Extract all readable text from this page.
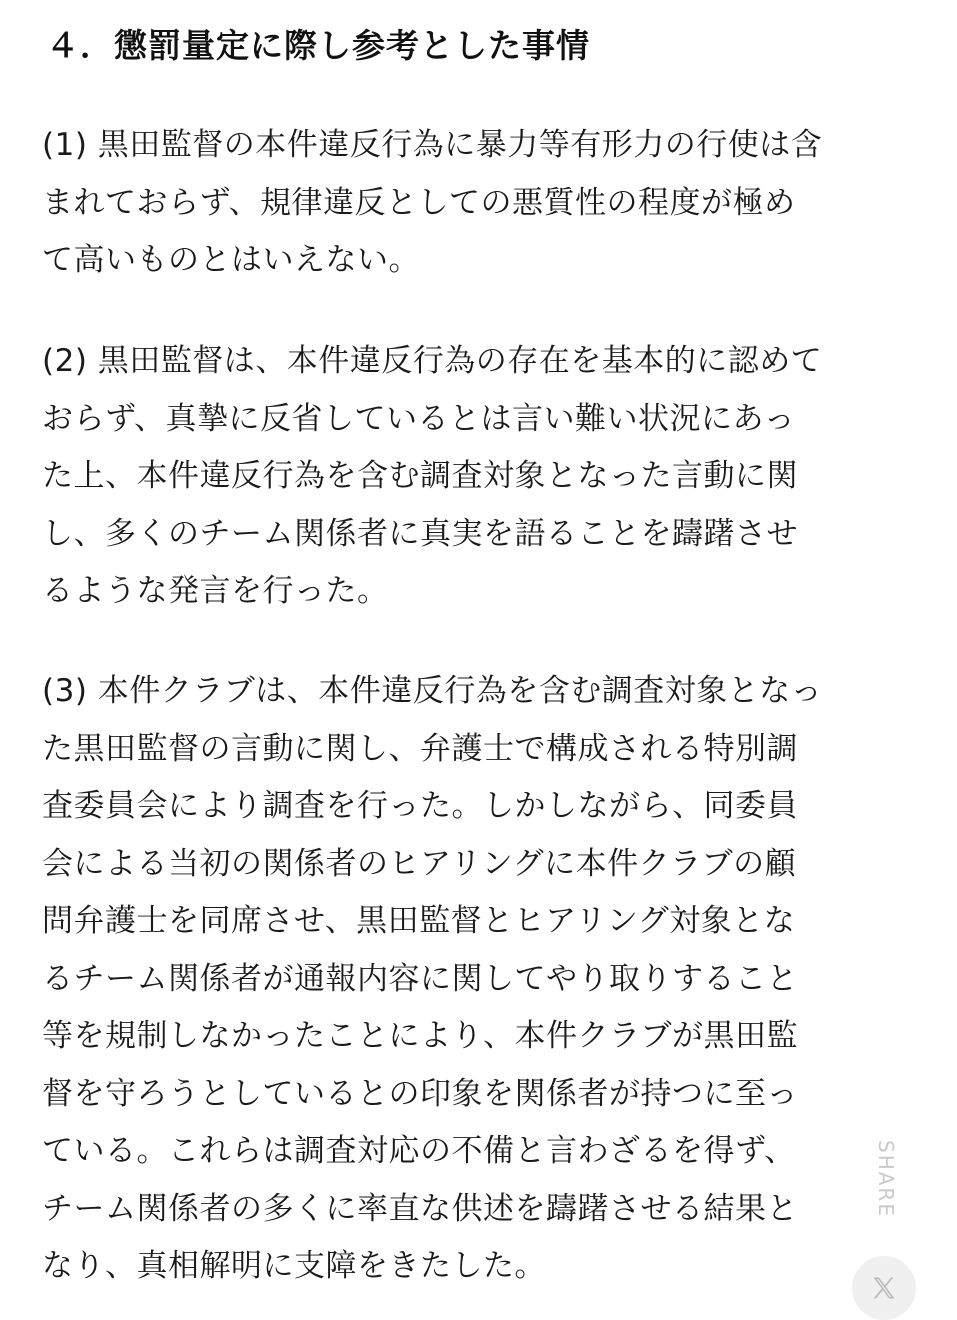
４．懲罰量定に際し参考とした事情

(1) 黒田監督の本件違反行為に暴力等有形力の行使は含
まれておらず、規律違反としての悪質性の程度が極め
て高いものとはいえない。

(2) 黒田監督は、本件違反行為の存在を基本的に認めて
おらず、真摯に反省しているとは言い難い状況にあっ
た上、本件違反行為を含む調査対象となった言動に関
し、多くのチーム関係者に真実を語ることを躊躇させ
るような発言を行った。

(3) 本件クラブは、本件違反行為を含む調査対象となっ
た黒田監督の言動に関し、弁護士で構成される特別調
査委員会により調査を行った。しかしながら、同委員
会による当初の関係者のヒアリングに本件クラブの顧
問弁護士を同席させ、黒田監督とヒアリング対象とな
るチーム関係者が通報内容に関してやり取りすること
等を規制しなかったことにより、本件クラブが黒田監
督を守ろうとしているとの印象を関係者が持つに至っ
ている。これらは調査対応の不備と言わざるを得ず、
チーム関係者の多くに率直な供述を躊躇させる結果と
なり、真相解明に支障をきたした。

SHARE
